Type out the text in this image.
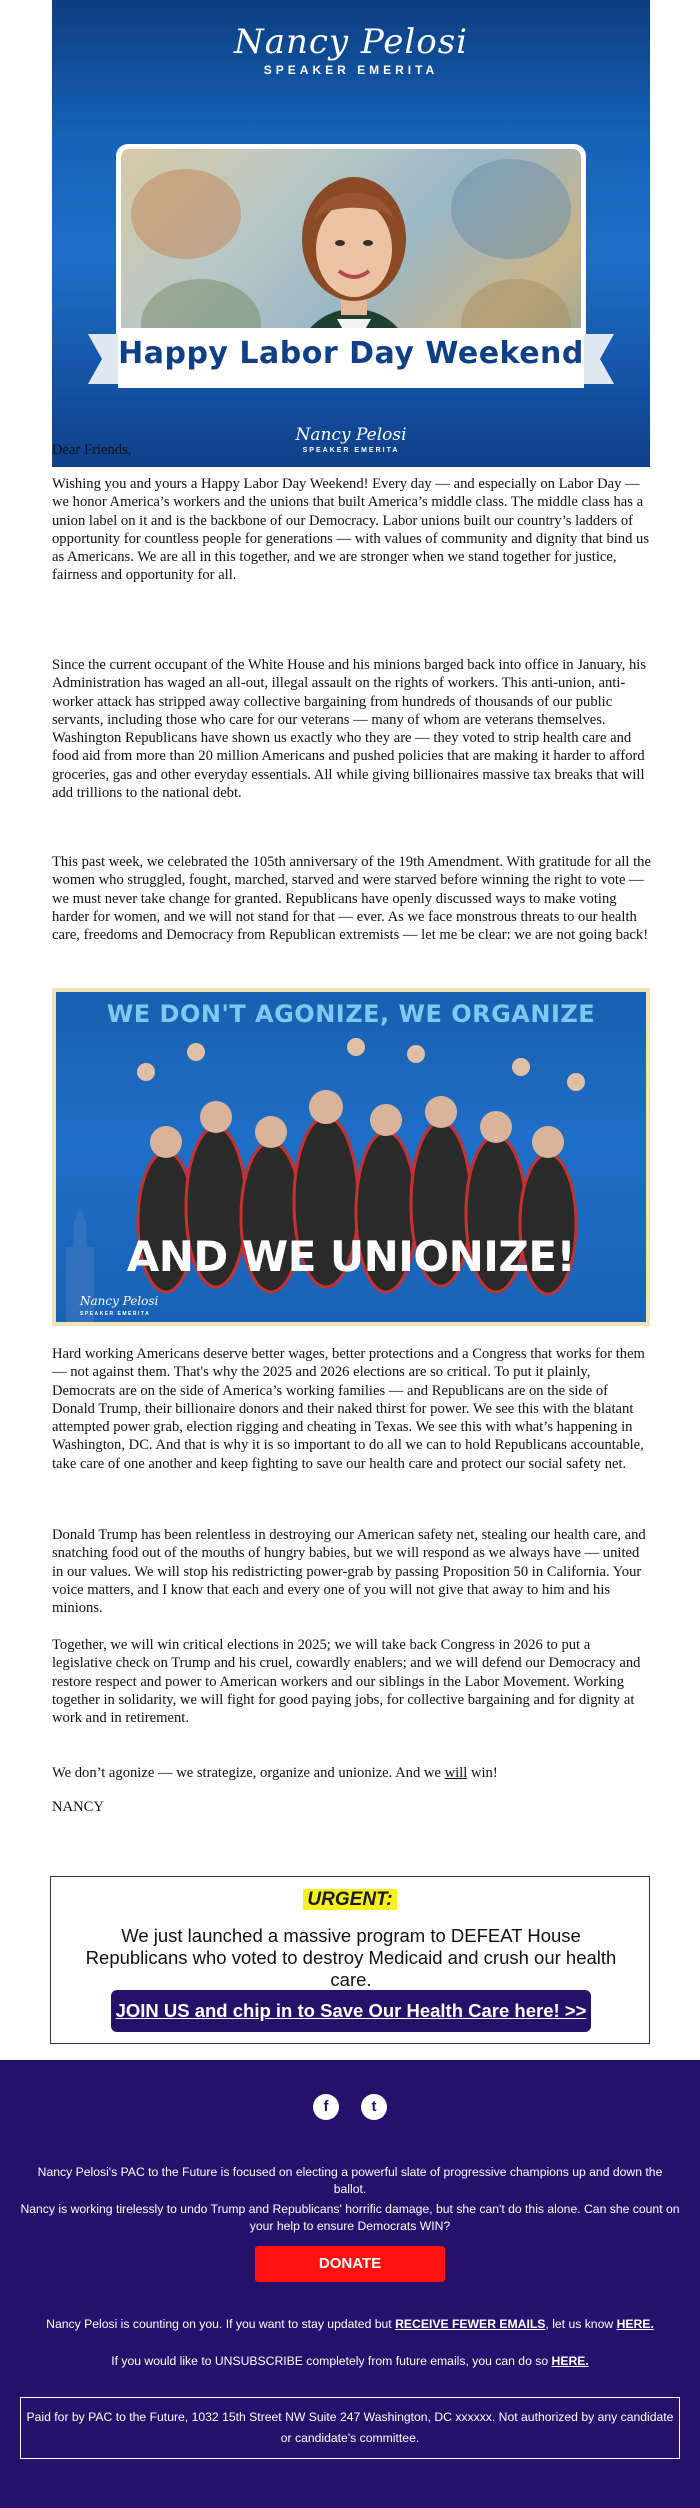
Nancy Pelosi
SPEAKER EMERITA
Happy Labor Day Weekend
Nancy Pelosi
SPEAKER EMERITA

Dear Friends,

Wishing you and yours a Happy Labor Day Weekend! Every day — and especially on Labor Day — we honor America’s workers and the unions that built America’s middle class. The middle class has a union label on it and is the backbone of our Democracy. Labor unions built our country’s ladders of opportunity for countless people for generations — with values of community and dignity that bind us as Americans. We are all in this together, and we are stronger when we stand together for justice, fairness and opportunity for all.

Since the current occupant of the White House and his minions barged back into office in January, his Administration has waged an all-out, illegal assault on the rights of workers. This anti-union, anti-worker attack has stripped away collective bargaining from hundreds of thousands of our public servants, including those who care for our veterans — many of whom are veterans themselves. Washington Republicans have shown us exactly who they are — they voted to strip health care and food aid from more than 20 million Americans and pushed policies that are making it harder to afford groceries, gas and other everyday essentials. All while giving billionaires massive tax breaks that will add trillions to the national debt.

This past week, we celebrated the 105th anniversary of the 19th Amendment. With gratitude for all the women who struggled, fought, marched, starved and were starved before winning the right to vote — we must never take change for granted. Republicans have openly discussed ways to make voting harder for women, and we will not stand for that — ever. As we face monstrous threats to our health care, freedoms and Democracy from Republican extremists — let me be clear: we are not going back!

WE DON'T AGONIZE, WE ORGANIZE
AND WE UNIONIZE!
Nancy Pelosi
SPEAKER EMERITA

Hard working Americans deserve better wages, better protections and a Congress that works for them — not against them. That's why the 2025 and 2026 elections are so critical. To put it plainly, Democrats are on the side of America’s working families — and Republicans are on the side of Donald Trump, their billionaire donors and their naked thirst for power. We see this with the blatant attempted power grab, election rigging and cheating in Texas. We see this with what’s happening in Washington, DC. And that is why it is so important to do all we can to hold Republicans accountable, take care of one another and keep fighting to save our health care and protect our social safety net.

Donald Trump has been relentless in destroying our American safety net, stealing our health care, and snatching food out of the mouths of hungry babies, but we will respond as we always have — united in our values. We will stop his redistricting power-grab by passing Proposition 50 in California. Your voice matters, and I know that each and every one of you will not give that away to him and his minions.

Together, we will win critical elections in 2025; we will take back Congress in 2026 to put a legislative check on Trump and his cruel, cowardly enablers; and we will defend our Democracy and restore respect and power to American workers and our siblings in the Labor Movement. Working together in solidarity, we will fight for good paying jobs, for collective bargaining and for dignity at work and in retirement.

We don’t agonize — we strategize, organize and unionize. And we will win!

NANCY

URGENT:
We just launched a massive program to DEFEAT House Republicans who voted to destroy Medicaid and crush our health care.
JOIN US and chip in to Save Our Health Care here! >>
f	t
Nancy Pelosi's PAC to the Future is focused on electing a powerful slate of progressive champions up and down the ballot.
Nancy is working tirelessly to undo Trump and Republicans' horrific damage, but she can't do this alone. Can she count on your help to ensure Democrats WIN?
DONATE
Nancy Pelosi is counting on you. If you want to stay updated but RECEIVE FEWER EMAILS, let us know HERE.
If you would like to UNSUBSCRIBE completely from future emails, you can do so HERE.
Paid for by PAC to the Future, 1032 15th Street NW Suite 247 Washington, DC xxxxxx. Not authorized by any candidate or candidate's committee.
